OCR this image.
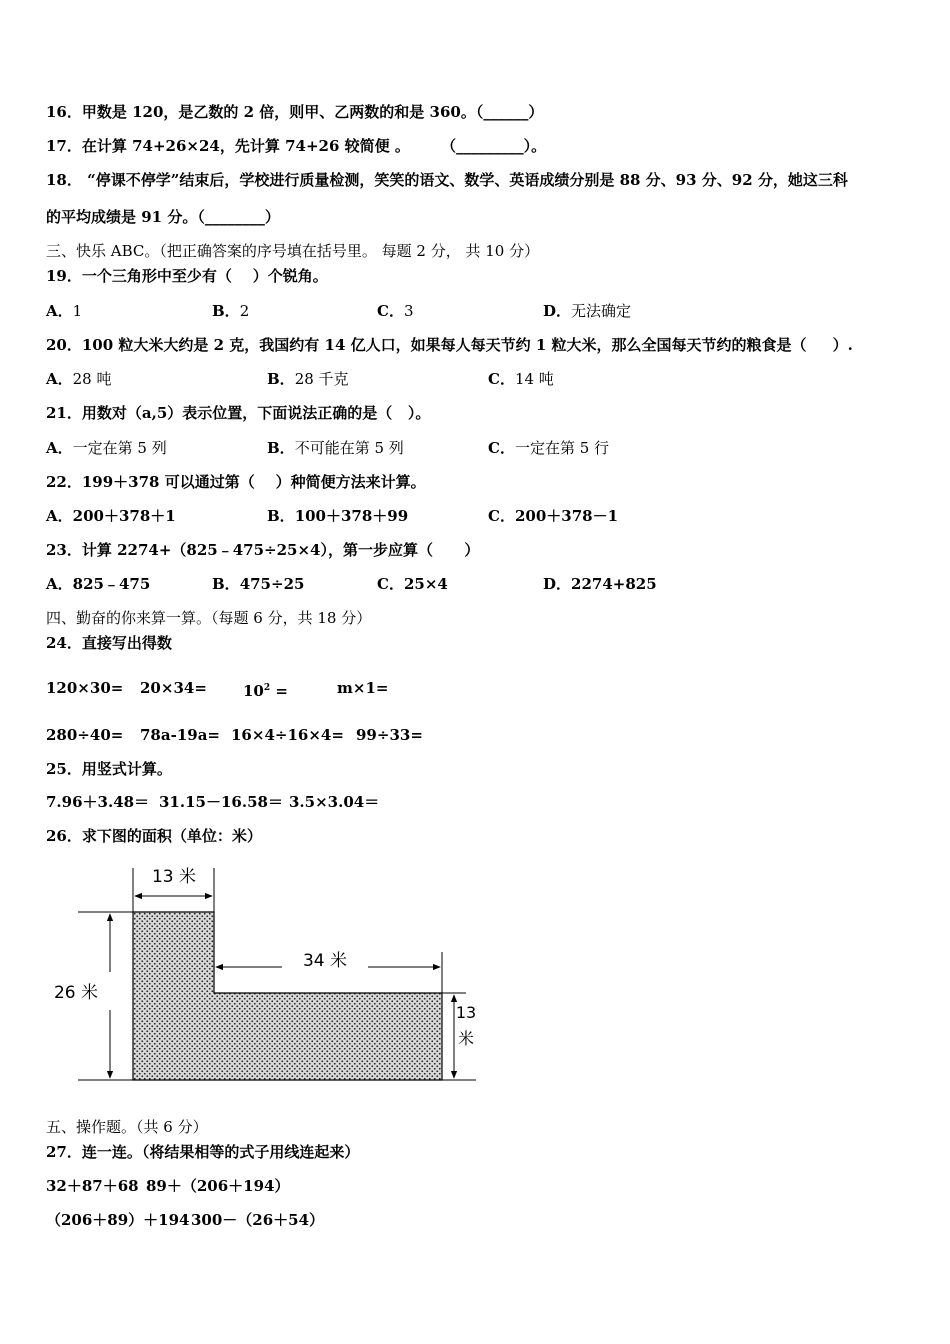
16．甲数是 120，是乙数的 2 倍，则甲、乙两数的和是 360。（______）
17．在计算 74+26×24，先计算 74+26 较简便 。      （_________）。
18． “停课不停学”结束后，学校进行质量检测，笑笑的语文、数学、英语成绩分别是 88 分、93 分、92 分，她这三科
的平均成绩是 91 分。（________）
三、快乐 ABC。（把正确答案的序号填在括号里。 每题 2 分， 共 10 分）
19．一个三角形中至少有（    ）个锐角。
A．1	B．2	C．3	D．无法确定
20．100 粒大米大约是 2 克，我国约有 14 亿人口，如果每人每天节约 1 粒大米，那么全国每天节约的粮食是（     ）.
A．28 吨	B．28 千克	C．14 吨
21．用数对（a,5）表示位置，下面说法正确的是（   ）。
A．一定在第 5 列	B．不可能在第 5 列	C．一定在第 5 行
22．199＋378 可以通过第（    ）种简便方法来计算。
A．200＋378＋1	B．100＋378＋99	C．200＋378－1
23．计算 2274+（825﹣475÷25×4），第一步应算（      ）
A．825﹣475	B．475÷25	C．25×4	D．2274+825
四、勤奋的你来算一算。（每题 6 分，共 18 分）
24．直接写出得数
$120\times 30= 20\times 34= 10^2$ =	m×1=
280÷40= 78a-19a= 16×4÷16×4= 99÷33=
25．用竖式计算。
7.96＋3.48＝ 31.15－16.58＝ 3.5×3.04＝
26．求下图的面积（单位：米）
13 米
34 米
26 米
13
米
五、操作题。（共 6 分）
27．连一连。（将结果相等的式子用线连起来）
32＋87＋68 89＋（206＋194）
（206＋89）＋194 300－（26＋54）
